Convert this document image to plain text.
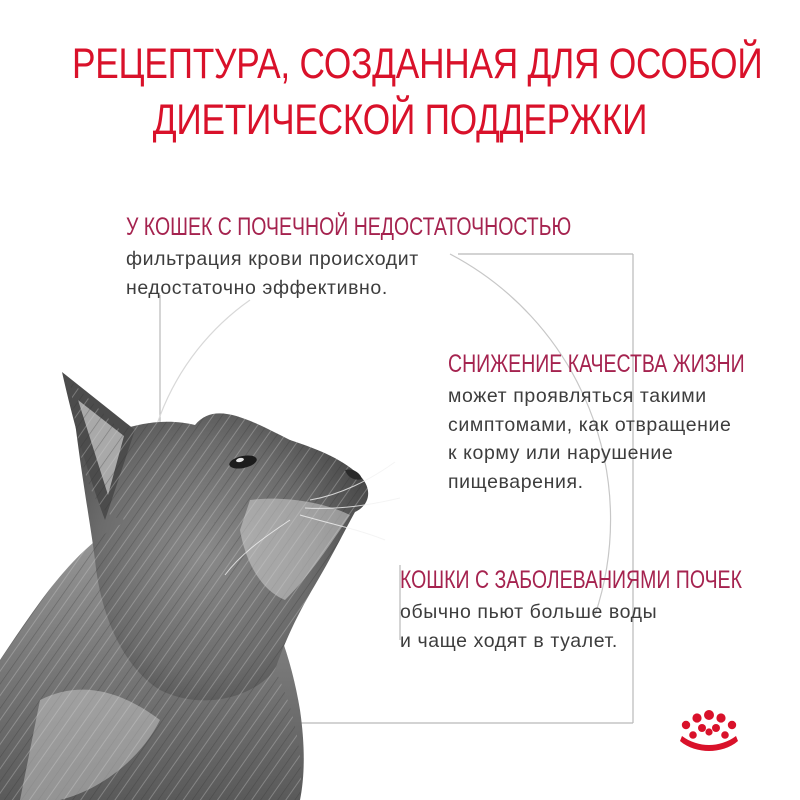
РЕЦЕПТУРА, СОЗДАННАЯ ДЛЯ ОСОБОЙ
ДИЕТИЧЕСКОЙ ПОДДЕРЖКИ
У КОШЕК С ПОЧЕЧНОЙ НЕДОСТАТОЧНОСТЬЮ
фильтрация крови происходит
недостаточно эффективно.
СНИЖЕНИЕ КАЧЕСТВА ЖИЗНИ
может проявляться такими
симптомами, как отвращение
к корму или нарушение
пищеварения.
КОШКИ С ЗАБОЛЕВАНИЯМИ ПОЧЕК
обычно пьют больше воды
и чаще ходят в туалет.
